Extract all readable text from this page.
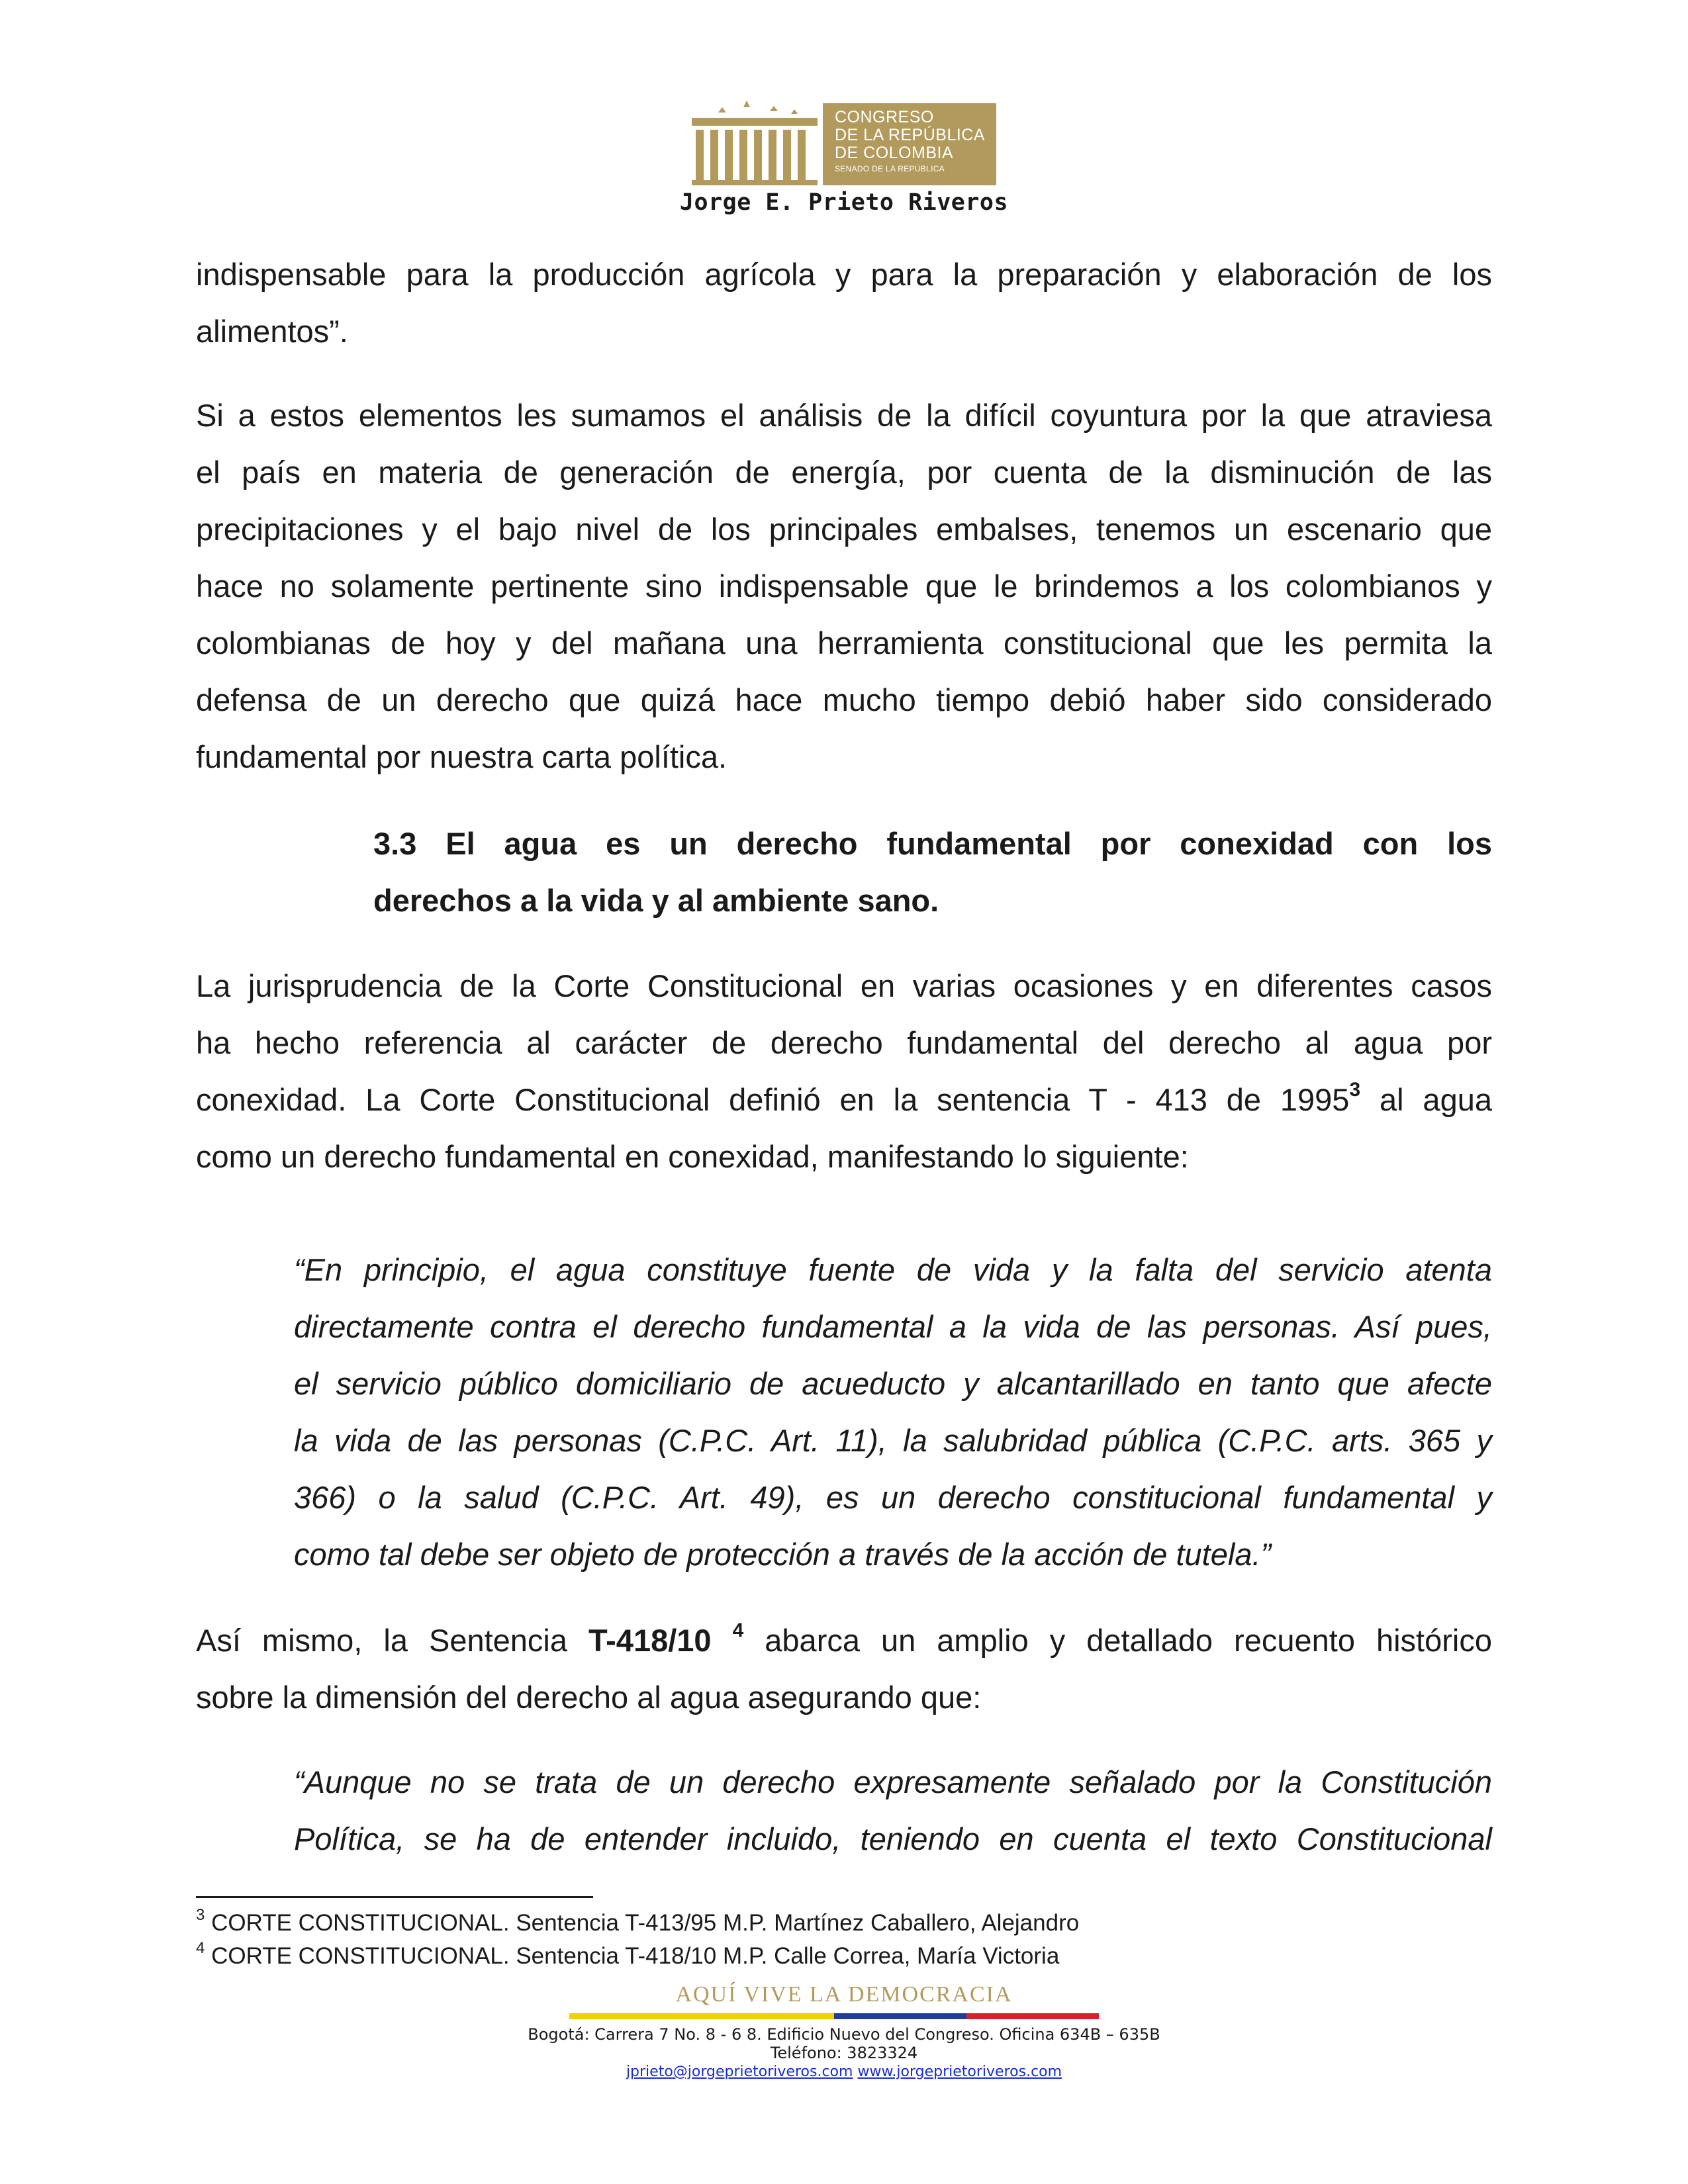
CONGRESO
DE LA REPÚBLICA
DE COLOMBIA
SENADO DE LA REPÚBLICA
Jorge E. Prieto Riveros
indispensable para la producción agrícola y para la preparación y elaboración de los
alimentos”.
Si a estos elementos les sumamos el análisis de la difícil coyuntura por la que atraviesa
el país en materia de generación de energía, por cuenta de la disminución de las
precipitaciones y el bajo nivel de los principales embalses, tenemos un escenario que
hace no solamente pertinente sino indispensable que le brindemos a los colombianos y
colombianas de hoy y del mañana una herramienta constitucional que les permita la
defensa de un derecho que quizá hace mucho tiempo debió haber sido considerado
fundamental por nuestra carta política.
3.3 El agua es un derecho fundamental por conexidad con los
derechos a la vida y al ambiente sano.
La jurisprudencia de la Corte Constitucional en varias ocasiones y en diferentes casos
ha hecho referencia al carácter de derecho fundamental del derecho al agua por
conexidad. La Corte Constitucional definió en la sentencia T - 413 de 1995$^3$ al agua
como un derecho fundamental en conexidad, manifestando lo siguiente:
“En principio, el agua constituye fuente de vida y la falta del servicio atenta
directamente contra el derecho fundamental a la vida de las personas. Así pues,
el servicio público domiciliario de acueducto y alcantarillado en tanto que afecte
la vida de las personas (C.P.C. Art. 11), la salubridad pública (C.P.C. arts. 365 y
366) o la salud (C.P.C. Art. 49), es un derecho constitucional fundamental y
como tal debe ser objeto de protección a través de la acción de tutela.”
Así mismo, la Sentencia T-418/10 $^4$ abarca un amplio y detallado recuento histórico
sobre la dimensión del derecho al agua asegurando que:
“Aunque no se trata de un derecho expresamente señalado por la Constitución
Política, se ha de entender incluido, teniendo en cuenta el texto Constitucional
$^3$ CORTE CONSTITUCIONAL. Sentencia T-413/95 M.P. Martínez Caballero, Alejandro
$^4$ CORTE CONSTITUCIONAL. Sentencia T-418/10 M.P. Calle Correa, María Victoria
AQUÍ VIVE LA DEMOCRACIA
Bogotá: Carrera 7 No. 8 - 6 8. Edificio Nuevo del Congreso. Oficina 634B – 635B
Teléfono: 3823324
jprieto@jorgeprietoriveros.com www.jorgeprietoriveros.com
